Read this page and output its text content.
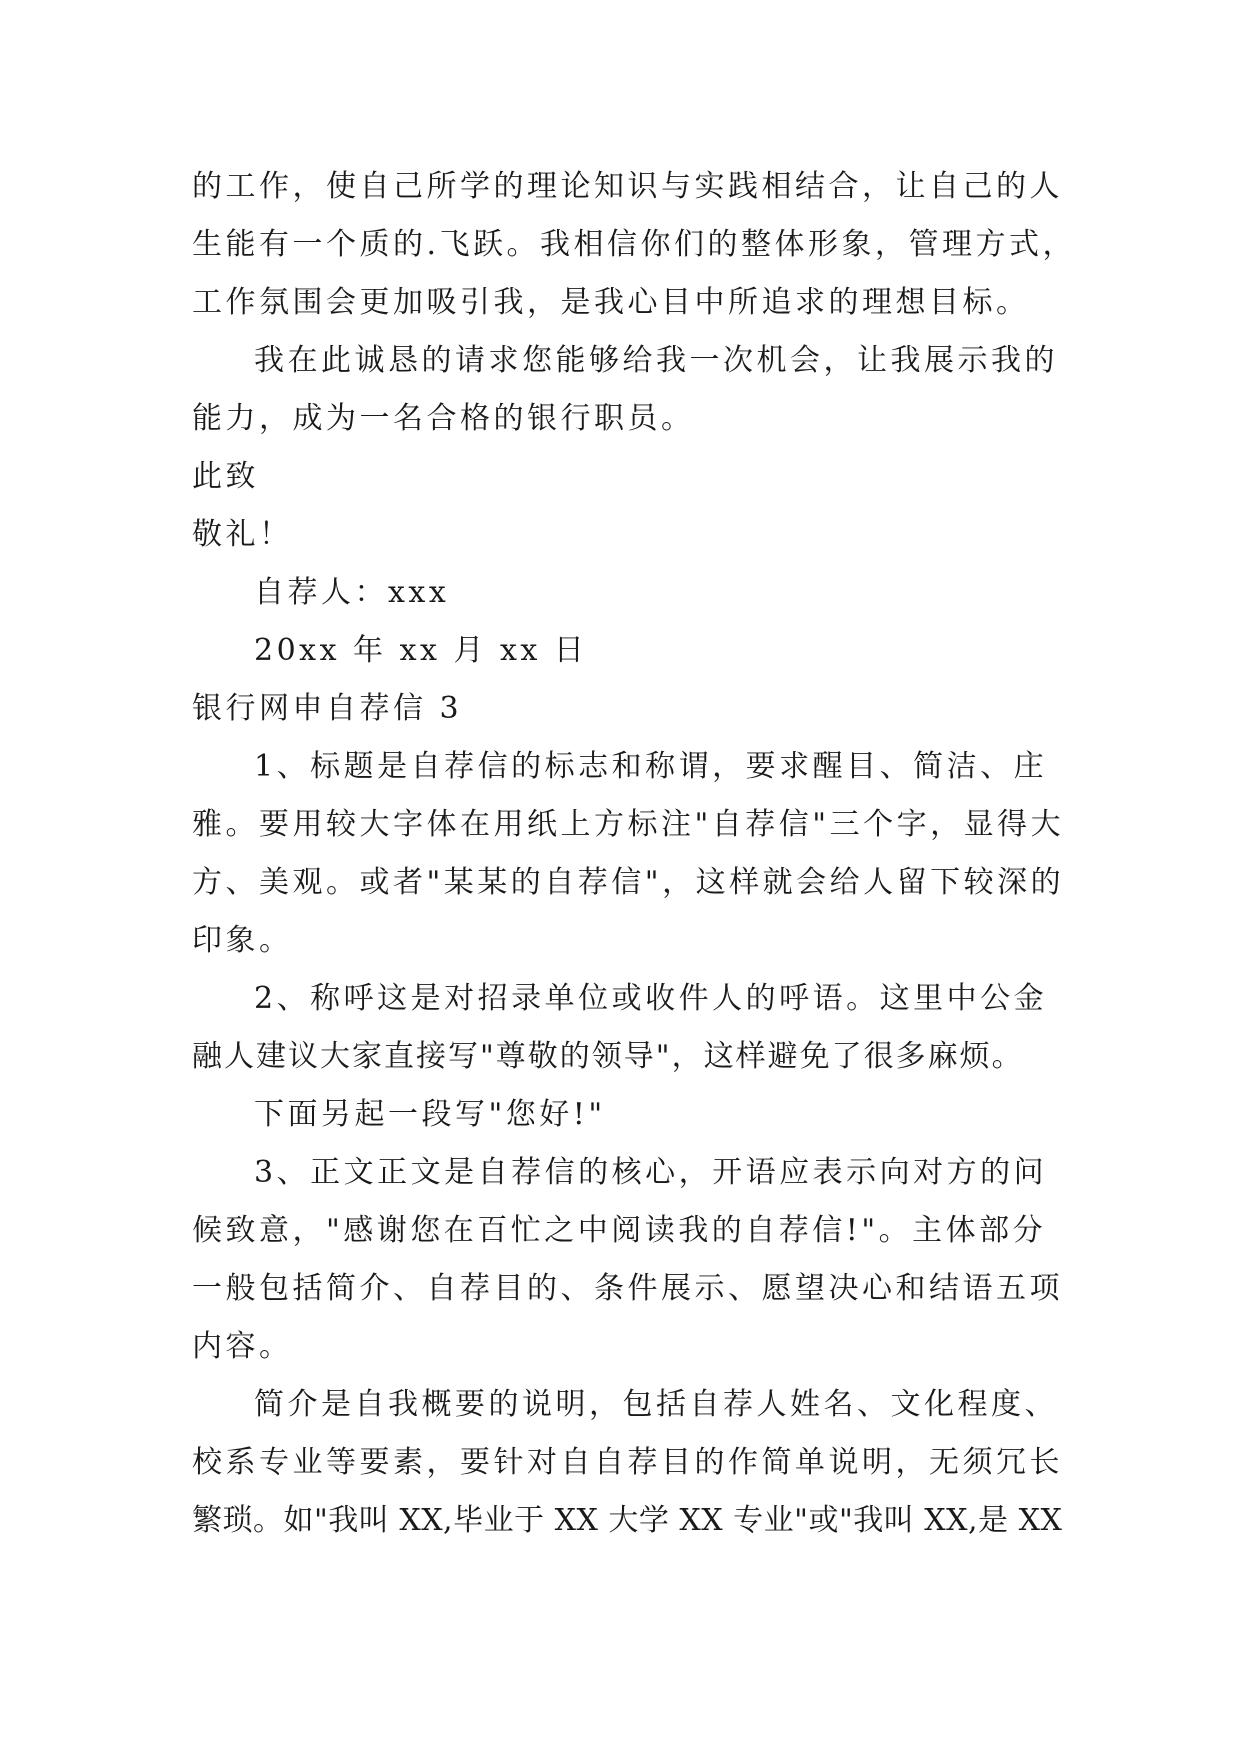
的工作，使自己所学的理论知识与实践相结合，让自己的人
生能有一个质的.飞跃。我相信你们的整体形象，管理方式，
工作氛围会更加吸引我，是我心目中所追求的理想目标。
我在此诚恳的请求您能够给我一次机会，让我展示我的
能力，成为一名合格的银行职员。
此致
敬礼！
自荐人：xxx
20xx 年 xx 月 xx 日
银行网申自荐信 3
1、标题是自荐信的标志和称谓，要求醒目、简洁、庄
雅。要用较大字体在用纸上方标注"自荐信"三个字，显得大
方、美观。或者"某某的自荐信"，这样就会给人留下较深的
印象。
2、称呼这是对招录单位或收件人的呼语。这里中公金
融人建议大家直接写"尊敬的领导"，这样避免了很多麻烦。
下面另起一段写"您好!"
3、正文正文是自荐信的核心，开语应表示向对方的问
候致意，"感谢您在百忙之中阅读我的自荐信!"。主体部分
一般包括简介、自荐目的、条件展示、愿望决心和结语五项
内容。
简介是自我概要的说明，包括自荐人姓名、文化程度、
校系专业等要素，要针对自自荐目的作简单说明，无须冗长
繁琐。如"我叫 XX,毕业于 XX 大学 XX 专业"或"我叫 XX,是 XX
